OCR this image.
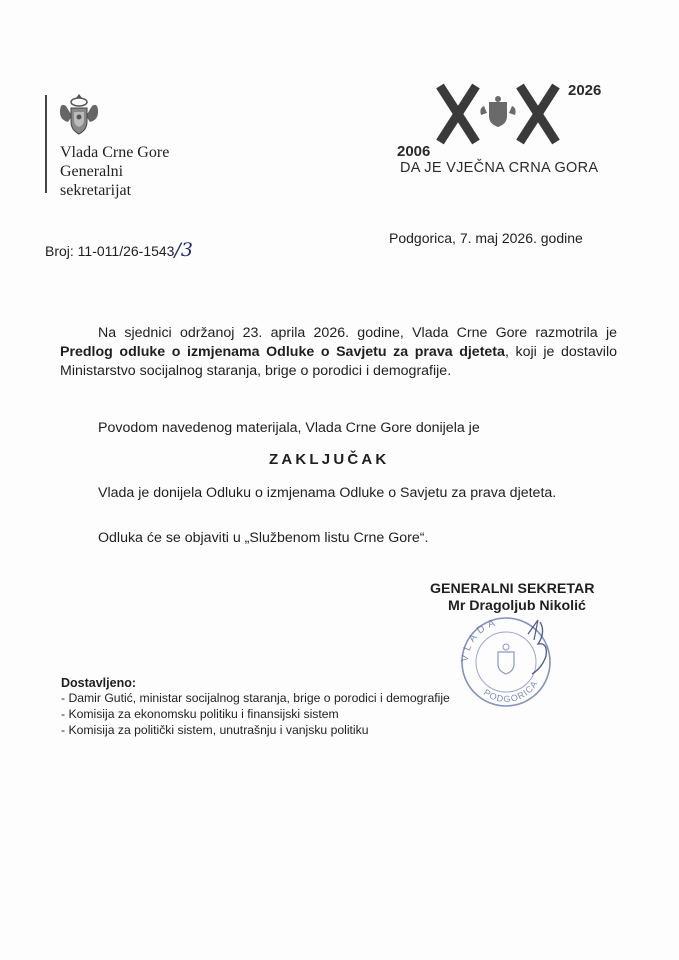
Vlada Crne Gore
Generalni
sekretarijat
2006
2026
DA JE VJEČNA CRNA GORA
Broj: 11-011/26-1543/3
Podgorica, 7. maj 2026. godine
Na sjednici održanoj 23. aprila 2026. godine, Vlada Crne Gore razmotrila je Predlog odluke o izmjenama Odluke o Savjetu za prava djeteta, koji je dostavilo Ministarstvo socijalnog staranja, brige o porodici i demografije.
Povodom navedenog materijala, Vlada Crne Gore donijela je
ZAKLJUČAK
Vlada je donijela Odluku o izmjenama Odluke o Savjetu za prava djeteta.
Odluka će se objaviti u „Službenom listu Crne Gore“.
GENERALNI SEKRETAR
Mr Dragoljub Nikolić
VLADA
PODGORICA
Dostavljeno:
- Damir Gutić, ministar socijalnog staranja, brige o porodici i demografije
- Komisija za ekonomsku politiku i finansijski sistem
- Komisija za politički sistem, unutrašnju i vanjsku politiku
